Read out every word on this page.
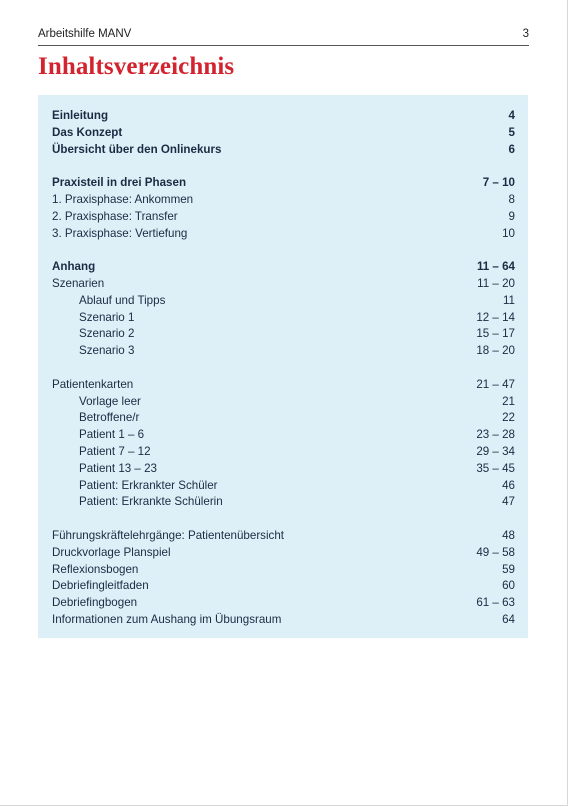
Arbeitshilfe MANV	3
Inhaltsverzeichnis
Einleitung	4
Das Konzept	5
Übersicht über den Onlinekurs	6
Praxisteil in drei Phasen	7 – 10
1. Praxisphase: Ankommen	8
2. Praxisphase: Transfer	9
3. Praxisphase: Vertiefung	10
Anhang	11 – 64
Szenarien	11 – 20
Ablauf und Tipps	11
Szenario 1	12 – 14
Szenario 2	15 – 17
Szenario 3	18 – 20
Patientenkarten	21 – 47
Vorlage leer	21
Betroffene/r	22
Patient 1 – 6	23 – 28
Patient 7 – 12	29 – 34
Patient 13 – 23	35 – 45
Patient: Erkrankter Schüler	46
Patient: Erkrankte Schülerin	47
Führungskräftelehrgänge: Patientenübersicht	48
Druckvorlage Planspiel	49 – 58
Reflexionsbogen	59
Debriefingleitfaden	60
Debriefingbogen	61 – 63
Informationen zum Aushang im Übungsraum	64
